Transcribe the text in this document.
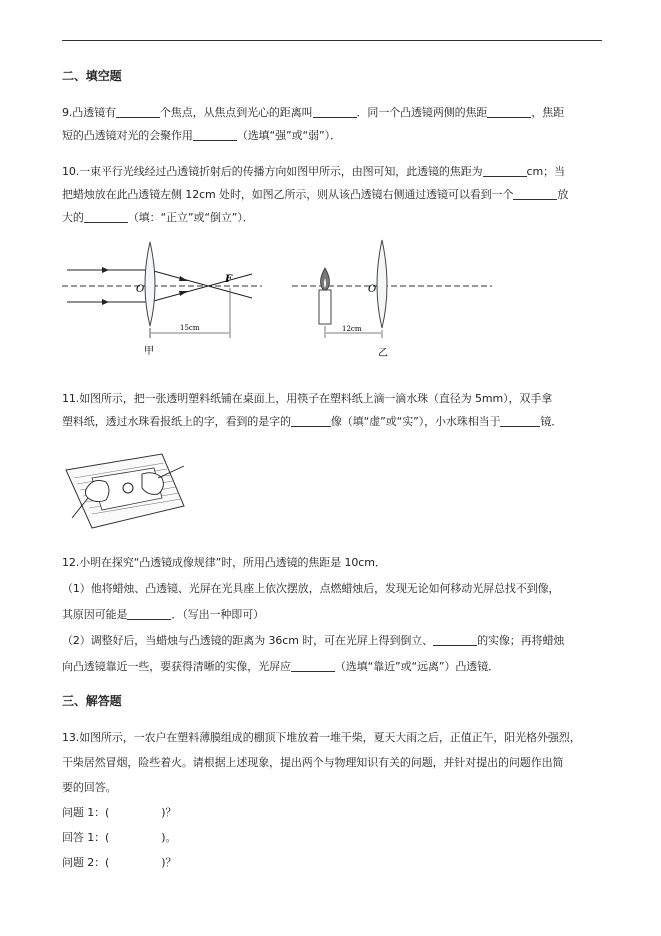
二、填空题
9.凸透镜有	个焦点，从焦点到光心的距离叫	．同一个凸透镜两侧的焦距	，焦距
短的凸透镜对光的会聚作用	（选填“强”或“弱”）．
10.一束平行光线经过凸透镜折射后的传播方向如图甲所示，由图可知，此透镜的焦距为	cm；当
把蜡烛放在此凸透镜左侧 12cm 处时，如图乙所示，则从该凸透镜右侧通过透镜可以看到一个	放
大的	（填：“正立”或“倒立”）．
O
F
15cm
甲
O
12cm
乙
11.如图所示，把一张透明塑料纸铺在桌面上，用筷子在塑料纸上滴一滴水珠（直径为 5mm），双手拿
塑料纸，透过水珠看报纸上的字，看到的是字的	像（填“虚”或“实”），小水珠相当于	镜．
12.小明在探究“凸透镜成像规律”时，所用凸透镜的焦距是 10cm．
（1）他将蜡烛、凸透镜、光屏在光具座上依次摆放，点燃蜡烛后，发现无论如何移动光屏总找不到像，
其原因可能是	．（写出一种即可）
（2）调整好后，当蜡烛与凸透镜的距离为 36cm 时，可在光屏上得到倒立、	的实像；再将蜡烛
向凸透镜靠近一些，要获得清晰的实像，光屏应	（选填“靠近”或“远离”）凸透镜．
三、解答题
13.如图所示，一农户在塑料薄膜组成的棚顶下堆放着一堆干柴，夏天大雨之后，正值正午，阳光格外强烈，
干柴居然冒烟，险些着火。请根据上述现象，提出两个与物理知识有关的问题，并针对提出的问题作出简
要的回答。
问题 1：(	)？
回答 1：(	)。
问题 2：(	)？
